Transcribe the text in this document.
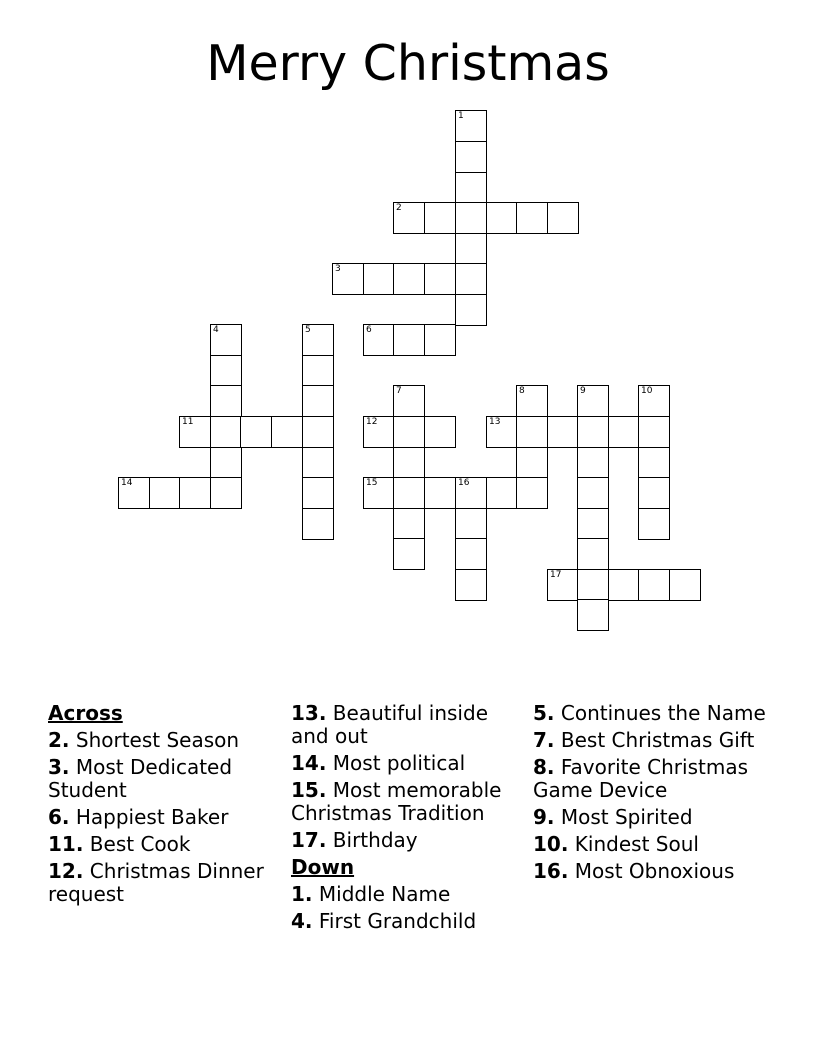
Merry Christmas
1
2
3
4	5	6
7	8	9	10
11	12	13
14	15	16
17
Across
2. Shortest Season
3. Most Dedicated Student
6. Happiest Baker
11. Best Cook
12. Christmas Dinner request
13. Beautiful inside and out
14. Most political
15. Most memorable Christmas Tradition
17. Birthday
Down
1. Middle Name
4. First Grandchild
5. Continues the Name
7. Best Christmas Gift
8. Favorite Christmas Game Device
9. Most Spirited
10. Kindest Soul
16. Most Obnoxious
